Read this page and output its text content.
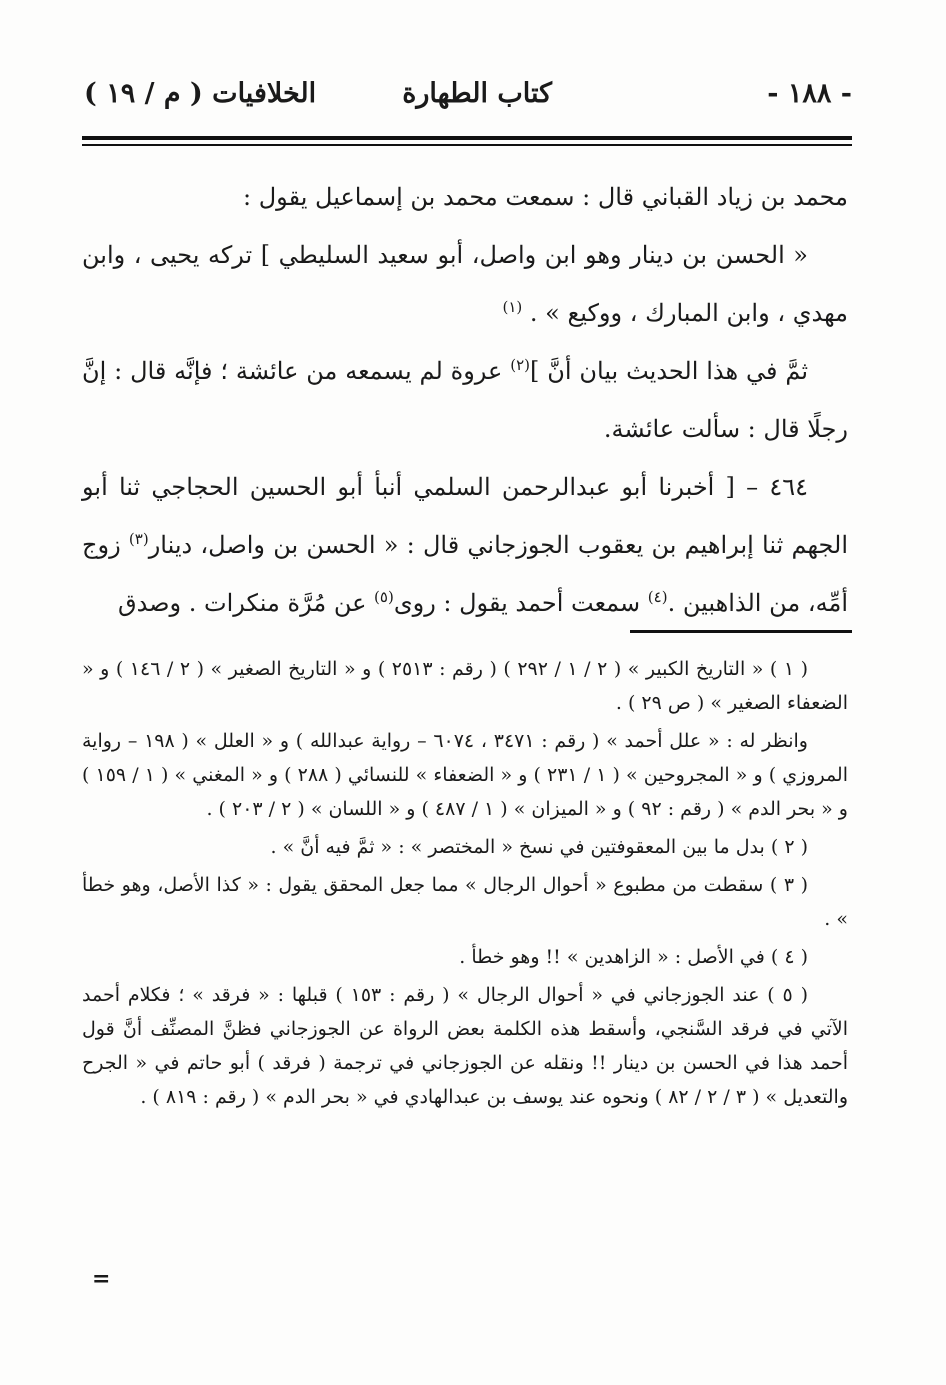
- ١٨٨ -
كتاب الطهارة
الخلافيات ( م / ١٩ )

محمد بن زياد القباني قال : سمعت محمد بن إسماعيل يقول :

« الحسن بن دينار وهو ابن واصل، أبو سعيد السليطي ] تركه يحيى ، وابن مهدي ، وابن المبارك ، ووكيع » . $^{(١)}$

ثمَّ في هذا الحديث بيان أنَّ ]$^{(٢)}$ عروة لم يسمعه من عائشة ؛ فإنَّه قال : إنَّ رجلًا قال : سألت عائشة.

٤٦٤ – [ أخبرنا أبو عبدالرحمن السلمي أنبأ أبو الحسين الحجاجي ثنا أبو الجهم ثنا إبراهيم بن يعقوب الجوزجاني قال : « الحسن بن واصل، دينار$^{(٣)}$ زوج أمِّه، من الذاهبين .$^{(٤)}$ سمعت أحمد يقول : روى$^{(٥)}$ عن مُرَّة منكرات . وصدق

( ١ ) « التاريخ الكبير » ( ٢ / ١ / ٢٩٢ ) ( رقم : ٢٥١٣ ) و « التاريخ الصغير » ( ٢ / ١٤٦ ) و « الضعفاء الصغير » ( ص ٢٩ ) .

وانظر له : « علل أحمد » ( رقم : ٣٤٧١ ، ٦٠٧٤ – رواية عبدالله ) و « العلل » ( ١٩٨ – رواية المروزي ) و « المجروحين » ( ١ / ٢٣١ ) و « الضعفاء » للنسائي ( ٢٨٨ ) و « المغني » ( ١ / ١٥٩ ) و « بحر الدم » ( رقم : ٩٢ ) و « الميزان » ( ١ / ٤٨٧ ) و « اللسان » ( ٢ / ٢٠٣ ) .

( ٢ ) بدل ما بين المعقوفتين في نسخ « المختصر » : « ثمَّ فيه أنَّ » .

( ٣ ) سقطت من مطبوع « أحوال الرجال » مما جعل المحقق يقول : « كذا الأصل، وهو خطأ » .

( ٤ ) في الأصل : « الزاهدين » !! وهو خطأ .

( ٥ ) عند الجوزجاني في « أحوال الرجال » ( رقم : ١٥٣ ) قبلها : « فرقد » ؛ فكلام أحمد الآتي في فرقد السَّنجي، وأسقط هذه الكلمة بعض الرواة عن الجوزجاني فظنَّ المصنِّف أنَّ قول أحمد هذا في الحسن بن دينار !! ونقله عن الجوزجاني في ترجمة ( فرقد ) أبو حاتم في « الجرح والتعديل » ( ٣ / ٢ / ٨٢ ) ونحوه عند يوسف بن عبدالهادي في « بحر الدم » ( رقم : ٨١٩ ) .

=
